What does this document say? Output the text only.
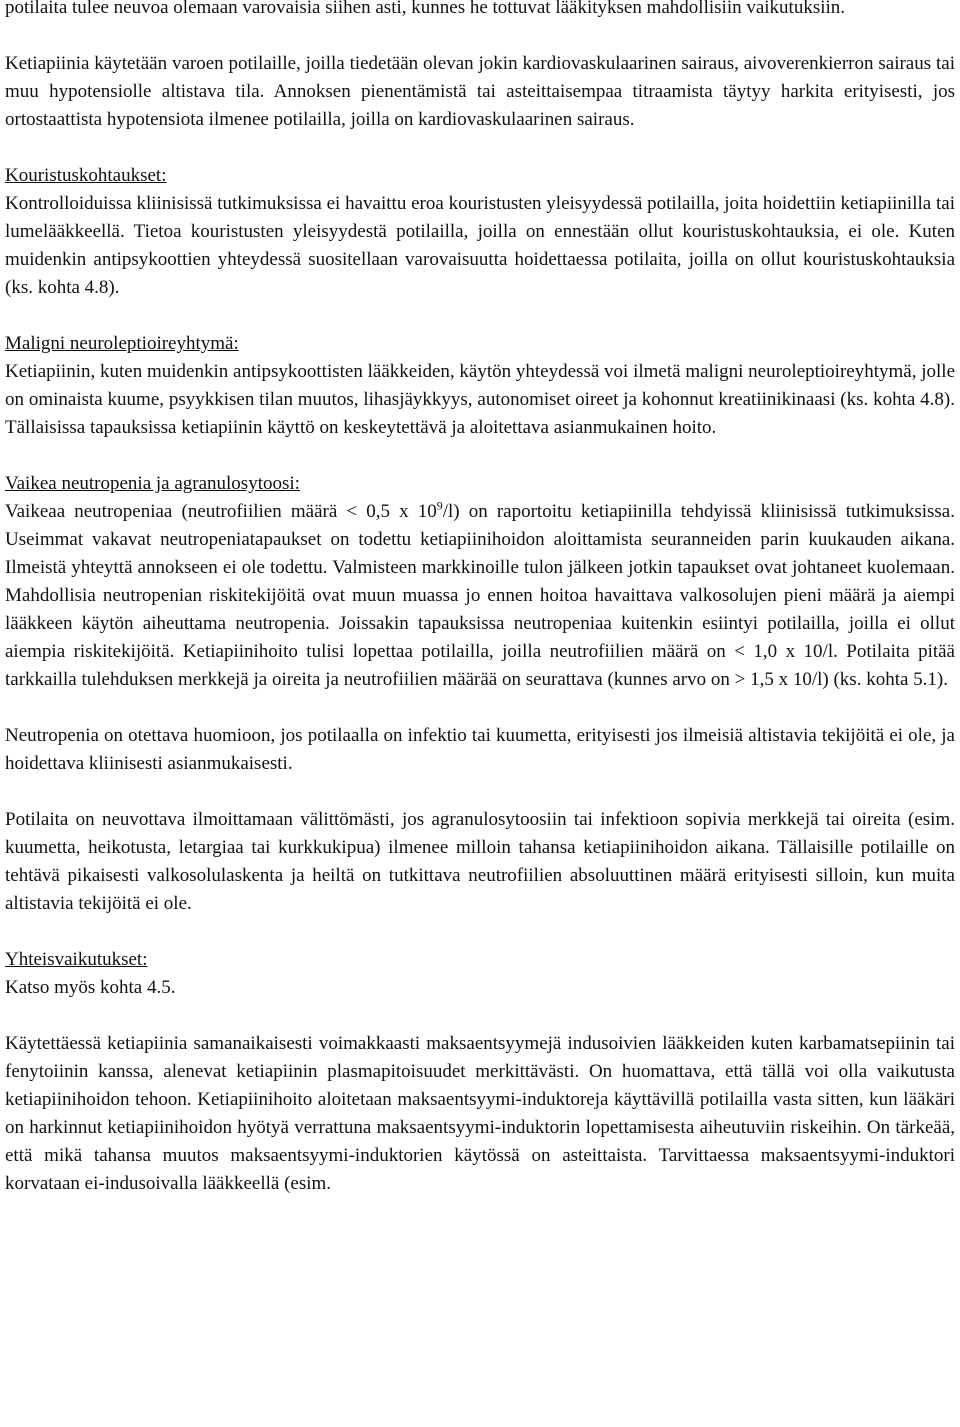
potilaita tulee neuvoa olemaan varovaisia siihen asti, kunnes he tottuvat lääkityksen mahdollisiin vaikutuksiin.

Ketiapiinia käytetään varoen potilaille, joilla tiedetään olevan jokin kardiovaskulaarinen sairaus, aivoverenkierron sairaus tai muu hypotensiolle altistava tila. Annoksen pienentämistä tai asteittaisempaa titraamista täytyy harkita erityisesti, jos ortostaattista hypotensiota ilmenee potilailla, joilla on kardiovaskulaarinen sairaus.

Kouristuskohtaukset:
Kontrolloiduissa kliinisissä tutkimuksissa ei havaittu eroa kouristusten yleisyydessä potilailla, joita hoidettiin ketiapiinilla tai lumelääkkeellä. Tietoa kouristusten yleisyydestä potilailla, joilla on ennestään ollut kouristuskohtauksia, ei ole. Kuten muidenkin antipsykoottien yhteydessä suositellaan varovaisuutta hoidettaessa potilaita, joilla on ollut kouristuskohtauksia (ks. kohta 4.8).

Maligni neuroleptioireyhtymä:
Ketiapiinin, kuten muidenkin antipsykoottisten lääkkeiden, käytön yhteydessä voi ilmetä maligni neuroleptioireyhtymä, jolle on ominaista kuume, psyykkisen tilan muutos, lihasjäykkyys, autonomiset oireet ja kohonnut kreatiinikinaasi (ks. kohta 4.8). Tällaisissa tapauksissa ketiapiinin käyttö on keskeytettävä ja aloitettava asianmukainen hoito.

Vaikea neutropenia ja agranulosytoosi:
Vaikeaa neutropeniaa (neutrofiilien määrä < 0,5 x $10^9/l$) on raportoitu ketiapiinilla tehdyissä kliinisissä tutkimuksissa. Useimmat vakavat neutropeniatapaukset on todettu ketiapiinihoidon aloittamista seuranneiden parin kuukauden aikana. Ilmeistä yhteyttä annokseen ei ole todettu. Valmisteen markkinoille tulon jälkeen jotkin tapaukset ovat johtaneet kuolemaan. Mahdollisia neutropenian riskitekijöitä ovat muun muassa jo ennen hoitoa havaittava valkosolujen pieni määrä ja aiempi lääkkeen käytön aiheuttama neutropenia. Joissakin tapauksissa neutropeniaa kuitenkin esiintyi potilailla, joilla ei ollut aiempia riskitekijöitä. Ketiapiinihoito tulisi lopettaa potilailla, joilla neutrofiilien määrä on < 1,0 x 10/l. Potilaita pitää tarkkailla tulehduksen merkkejä ja oireita ja neutrofiilien määrää on seurattava (kunnes arvo on > 1,5 x 10/l) (ks. kohta 5.1).

Neutropenia on otettava huomioon, jos potilaalla on infektio tai kuumetta, erityisesti jos ilmeisiä altistavia tekijöitä ei ole, ja hoidettava kliinisesti asianmukaisesti.

Potilaita on neuvottava ilmoittamaan välittömästi, jos agranulosytoosiin tai infektioon sopivia merkkejä tai oireita (esim. kuumetta, heikotusta, letargiaa tai kurkkukipua) ilmenee milloin tahansa ketiapiinihoidon aikana. Tällaisille potilaille on tehtävä pikaisesti valkosolulaskenta ja heiltä on tutkittava neutrofiilien absoluuttinen määrä erityisesti silloin, kun muita altistavia tekijöitä ei ole.

Yhteisvaikutukset:
Katso myös kohta 4.5.

Käytettäessä ketiapiinia samanaikaisesti voimakkaasti maksaentsyymejä indusoivien lääkkeiden kuten karbamatsepiinin tai fenytoiinin kanssa, alenevat ketiapiinin plasmapitoisuudet merkittävästi. On huomattava, että tällä voi olla vaikutusta ketiapiinihoidon tehoon. Ketiapiinihoito aloitetaan maksaentsyymi-induktoreja käyttävillä potilailla vasta sitten, kun lääkäri on harkinnut ketiapiinihoidon hyötyä verrattuna maksaentsyymi-induktorin lopettamisesta aiheutuviin riskeihin. On tärkeää, että mikä tahansa muutos maksaentsyymi-induktorien käytössä on asteittaista. Tarvittaessa maksaentsyymi-induktori korvataan ei-indusoivalla lääkkeellä (esim.
